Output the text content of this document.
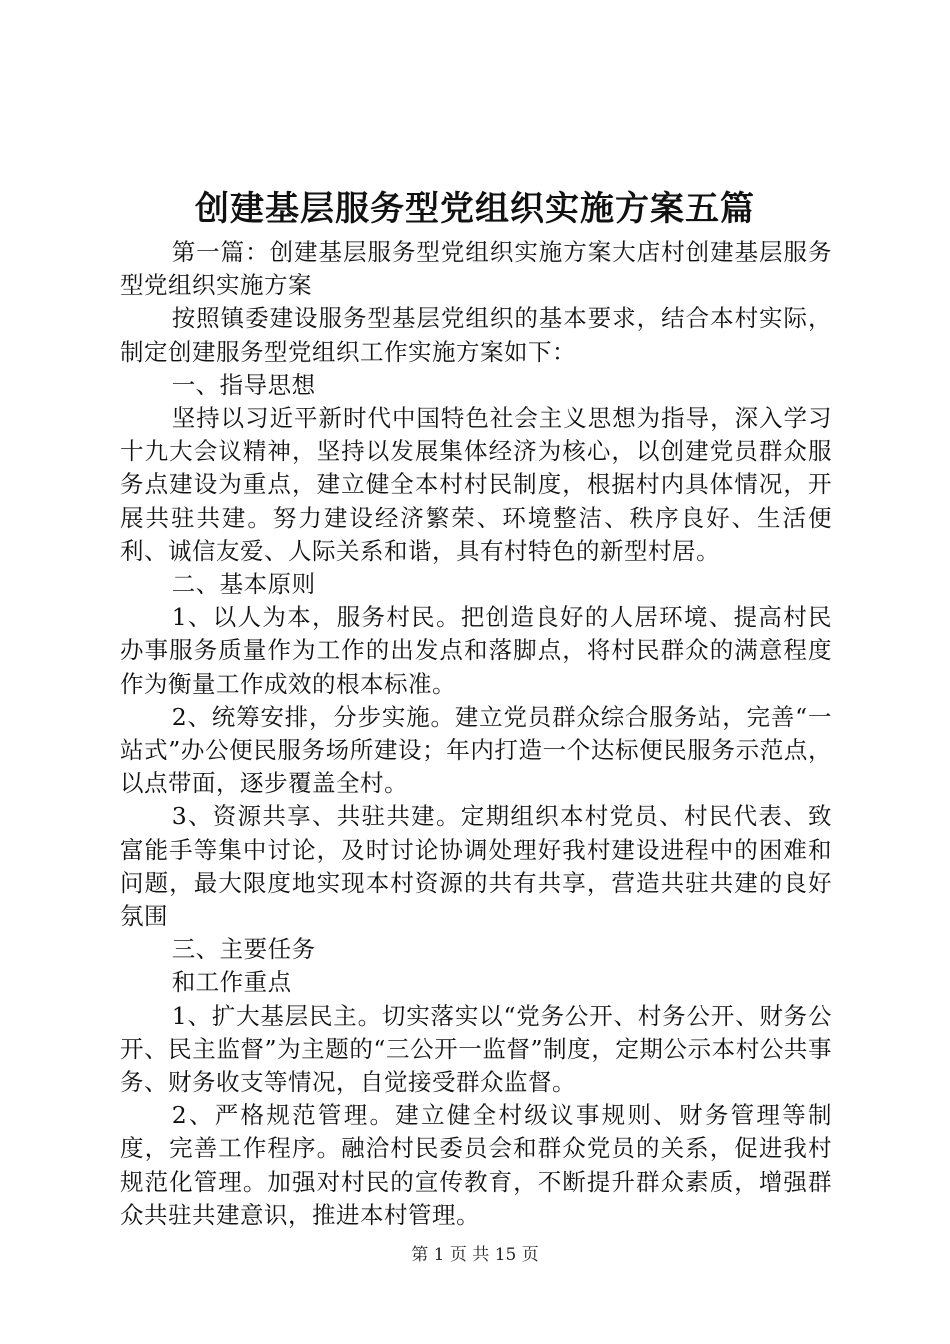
创建基层服务型党组织实施方案五篇

第一篇：创建基层服务型党组织实施方案大店村创建基层服务型党组织实施方案

按照镇委建设服务型基层党组织的基本要求，结合本村实际，制定创建服务型党组织工作实施方案如下：

一、指导思想

坚持以习近平新时代中国特色社会主义思想为指导，深入学习十九大会议精神，坚持以发展集体经济为核心，以创建党员群众服务点建设为重点，建立健全本村村民制度，根据村内具体情况，开展共驻共建。努力建设经济繁荣、环境整洁、秩序良好、生活便利、诚信友爱、人际关系和谐，具有村特色的新型村居。

二、基本原则

1、以人为本，服务村民。把创造良好的人居环境、提高村民办事服务质量作为工作的出发点和落脚点，将村民群众的满意程度作为衡量工作成效的根本标准。

2、统筹安排，分步实施。建立党员群众综合服务站，完善“一站式”办公便民服务场所建设；年内打造一个达标便民服务示范点，以点带面，逐步覆盖全村。

3、资源共享、共驻共建。定期组织本村党员、村民代表、致富能手等集中讨论，及时讨论协调处理好我村建设进程中的困难和问题，最大限度地实现本村资源的共有共享，营造共驻共建的良好氛围

三、主要任务

和工作重点

1、扩大基层民主。切实落实以“党务公开、村务公开、财务公开、民主监督”为主题的“三公开一监督”制度，定期公示本村公共事务、财务收支等情况，自觉接受群众监督。

2、严格规范管理。建立健全村级议事规则、财务管理等制度，完善工作程序。融洽村民委员会和群众党员的关系，促进我村规范化管理。加强对村民的宣传教育，不断提升群众素质，增强群众共驻共建意识，推进本村管理。

第 1 页 共 15 页
